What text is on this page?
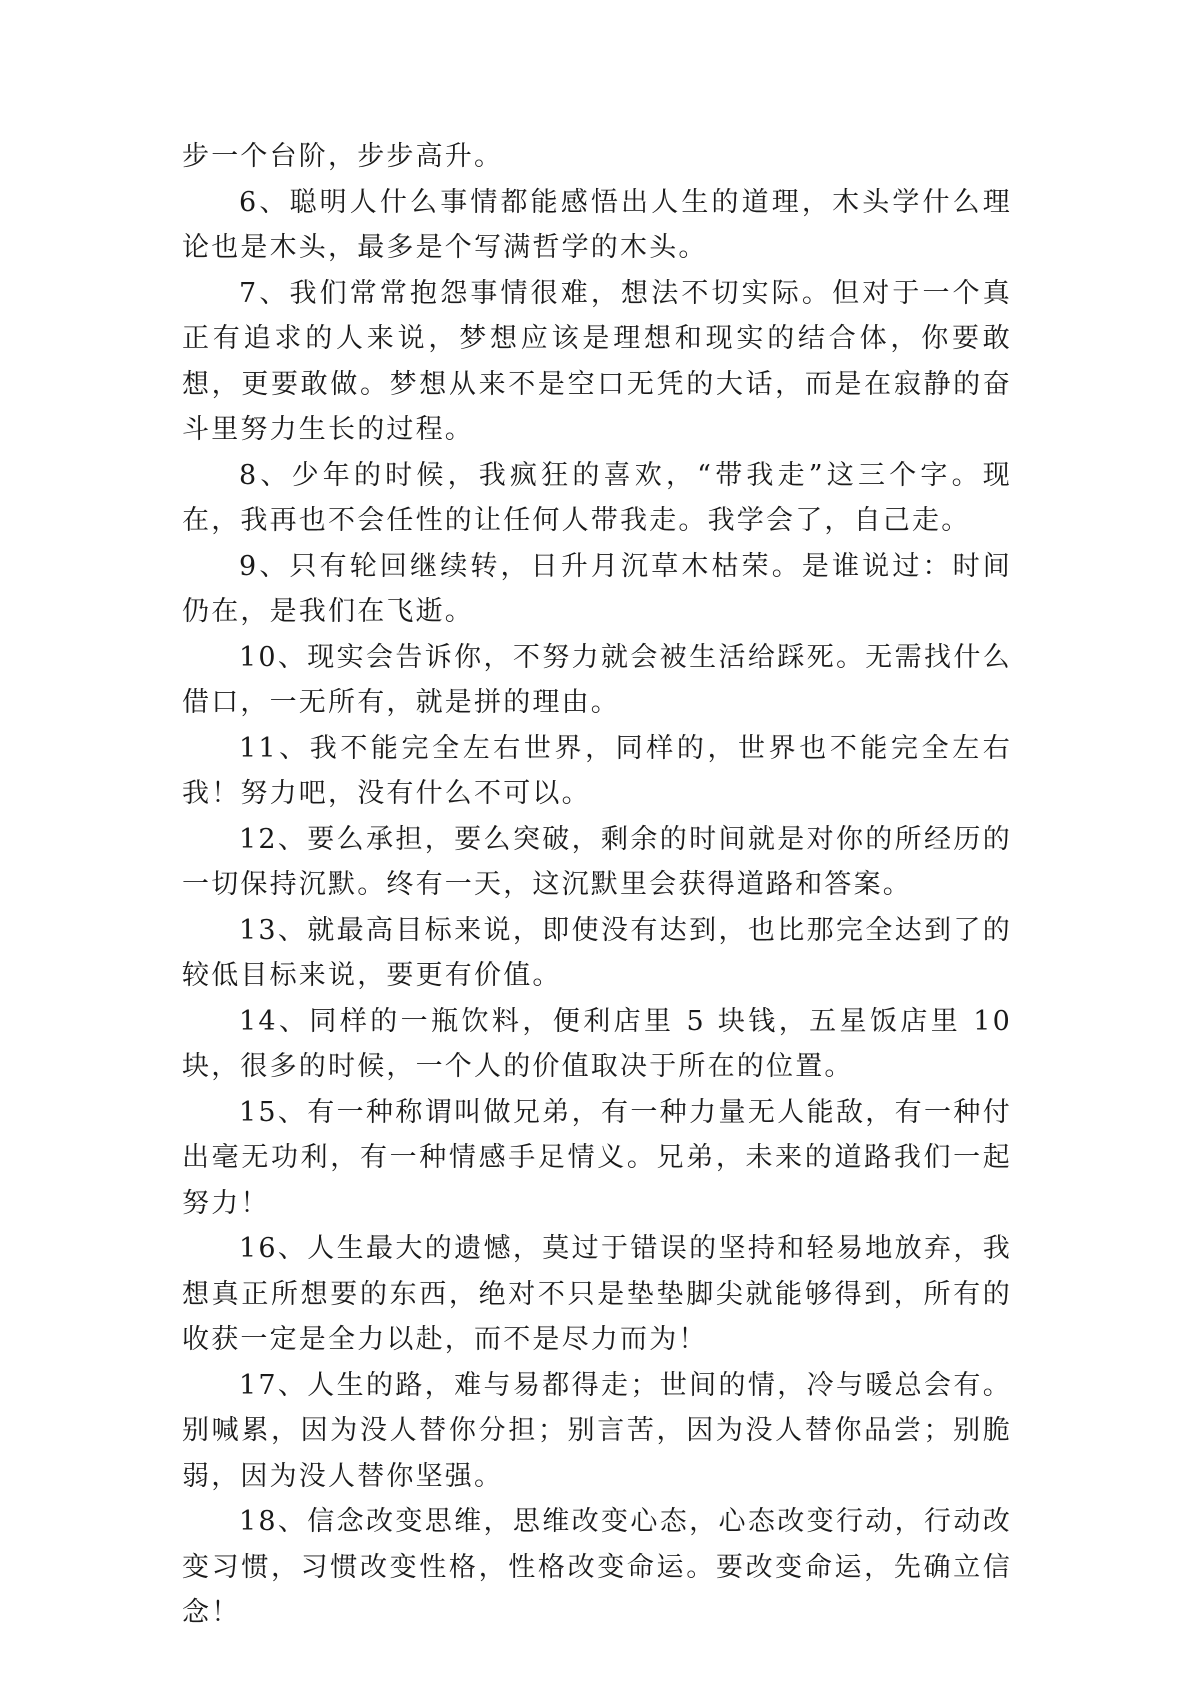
步一个台阶，步步高升。

6、聪明人什么事情都能感悟出人生的道理，木头学什么理论也是木头，最多是个写满哲学的木头。

7、我们常常抱怨事情很难，想法不切实际。但对于一个真正有追求的人来说，梦想应该是理想和现实的结合体，你要敢想，更要敢做。梦想从来不是空口无凭的大话，而是在寂静的奋斗里努力生长的过程。

8、少年的时候，我疯狂的喜欢，“带我走”这三个字。现在，我再也不会任性的让任何人带我走。我学会了，自己走。

9、只有轮回继续转，日升月沉草木枯荣。是谁说过：时间仍在，是我们在飞逝。

10、现实会告诉你，不努力就会被生活给踩死。无需找什么借口，一无所有，就是拼的理由。

11、我不能完全左右世界，同样的，世界也不能完全左右我！努力吧，没有什么不可以。

12、要么承担，要么突破，剩余的时间就是对你的所经历的一切保持沉默。终有一天，这沉默里会获得道路和答案。

13、就最高目标来说，即使没有达到，也比那完全达到了的较低目标来说，要更有价值。

14、同样的一瓶饮料，便利店里 5 块钱，五星饭店里 10 块，很多的时候，一个人的价值取决于所在的位置。

15、有一种称谓叫做兄弟，有一种力量无人能敌，有一种付出毫无功利，有一种情感手足情义。兄弟，未来的道路我们一起努力！

16、人生最大的遗憾，莫过于错误的坚持和轻易地放弃，我想真正所想要的东西，绝对不只是垫垫脚尖就能够得到，所有的收获一定是全力以赴，而不是尽力而为！

17、人生的路，难与易都得走；世间的情，冷与暖总会有。别喊累，因为没人替你分担；别言苦，因为没人替你品尝；别脆弱，因为没人替你坚强。

18、信念改变思维，思维改变心态，心态改变行动，行动改变习惯，习惯改变性格，性格改变命运。要改变命运，先确立信念！
